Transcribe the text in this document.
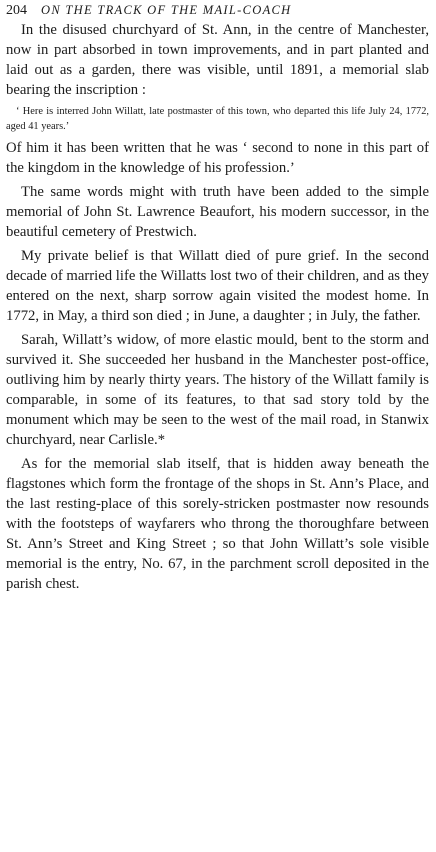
204 ON THE TRACK OF THE MAIL-COACH

In the disused churchyard of St. Ann, in the centre of Manchester, now in part absorbed in town improvements, and in part planted and laid out as a garden, there was visible, until 1891, a memorial slab bearing the inscription :

‘ Here is interred John Willatt, late postmaster of this town, who departed this life July 24, 1772, aged 41 years.’

Of him it has been written that he was ‘ second to none in this part of the kingdom in the knowledge of his profession.’

The same words might with truth have been added to the simple memorial of John St. Lawrence Beaufort, his modern successor, in the beautiful cemetery of Prestwich.

My private belief is that Willatt died of pure grief. In the second decade of married life the Willatts lost two of their children, and as they entered on the next, sharp sorrow again visited the modest home. In 1772, in May, a third son died ; in June, a daughter ; in July, the father.

Sarah, Willatt’s widow, of more elastic mould, bent to the storm and survived it. She succeeded her husband in the Manchester post-office, outliving him by nearly thirty years. The history of the Willatt family is comparable, in some of its features, to that sad story told by the monument which may be seen to the west of the mail road, in Stanwix churchyard, near Carlisle.*

As for the memorial slab itself, that is hidden away beneath the flagstones which form the frontage of the shops in St. Ann’s Place, and the last resting-place of this sorely-stricken postmaster now resounds with the footsteps of wayfarers who throng the thoroughfare between St. Ann’s Street and King Street ; so that John Willatt’s sole visible memorial is the entry, No. 67, in the parchment scroll deposited in the parish chest.
